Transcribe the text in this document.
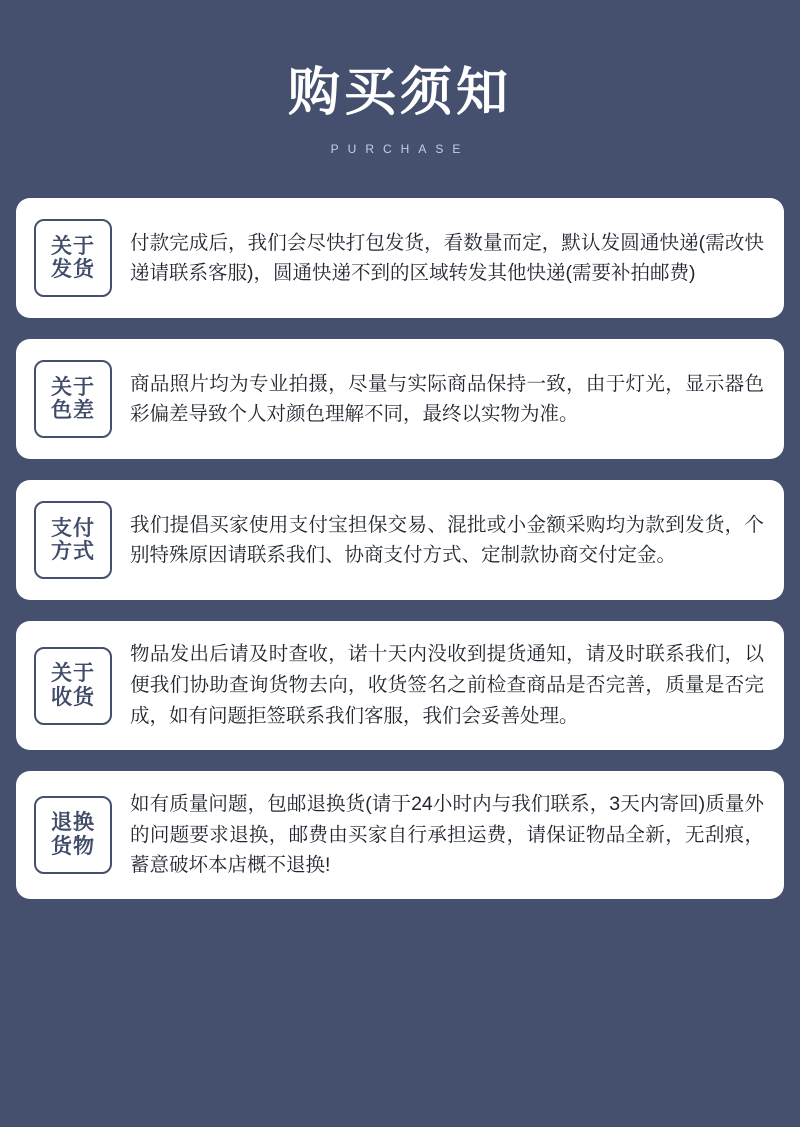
购买须知
PURCHASE
关于
发货
付款完成后，我们会尽快打包发货，看数量而定，默认发圆通快递(需改快递请联系客服)，圆通快递不到的区域转发其他快递(需要补拍邮费)
关于
色差
商品照片均为专业拍摄，尽量与实际商品保持一致，由于灯光，显示器色彩偏差导致个人对颜色理解不同，最终以实物为准。
支付
方式
我们提倡买家使用支付宝担保交易、混批或小金额采购均为款到发货，个别特殊原因请联系我们、协商支付方式、定制款协商交付定金。
关于
收货
物品发出后请及时查收，诺十天内没收到提货通知，请及时联系我们，以便我们协助查询货物去向，收货签名之前检查商品是否完善，质量是否完成，如有问题拒签联系我们客服，我们会妥善处理。
退换
货物
如有质量问题，包邮退换货(请于24小时内与我们联系，3天内寄回)质量外的问题要求退换，邮费由买家自行承担运费，请保证物品全新，无刮痕，蓄意破坏本店概不退换!
